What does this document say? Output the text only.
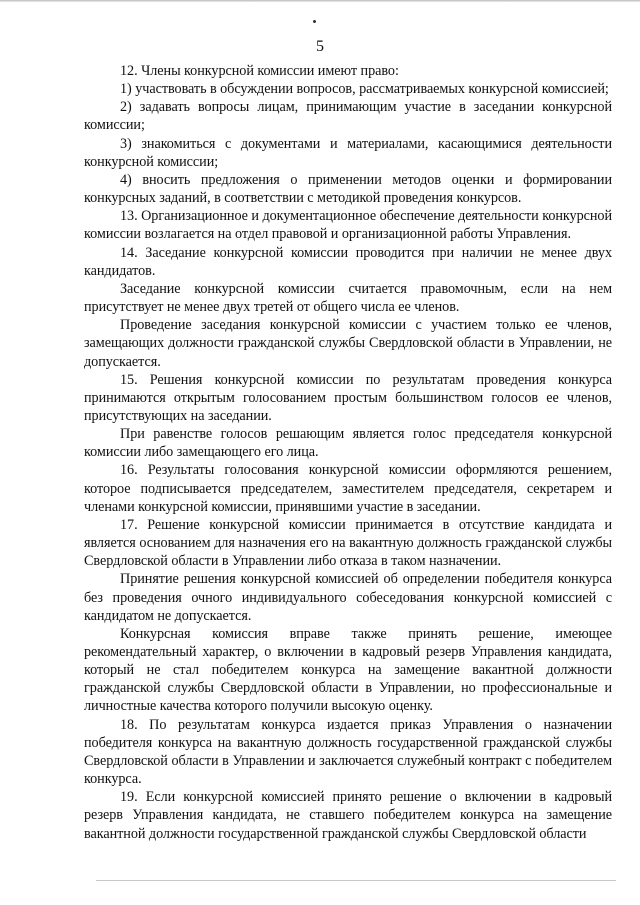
5

12. Члены конкурсной комиссии имеют право:

1) участвовать в обсуждении вопросов, рассматриваемых конкурсной комиссией;

2) задавать вопросы лицам, принимающим участие в заседании конкурсной комиссии;

3) знакомиться с документами и материалами, касающимися деятельности конкурсной комиссии;

4) вносить предложения о применении методов оценки и формировании конкурсных заданий, в соответствии с методикой проведения конкурсов.

13. Организационное и документационное обеспечение деятельности конкурсной комиссии возлагается на отдел правовой и организационной работы Управления.

14. Заседание конкурсной комиссии проводится при наличии не менее двух кандидатов.

Заседание конкурсной комиссии считается правомочным, если на нем присутствует не менее двух третей от общего числа ее членов.

Проведение заседания конкурсной комиссии с участием только ее членов, замещающих должности гражданской службы Свердловской области в Управлении, не допускается.

15. Решения конкурсной комиссии по результатам проведения конкурса принимаются открытым голосованием простым большинством голосов ее членов, присутствующих на заседании.

При равенстве голосов решающим является голос председателя конкурсной комиссии либо замещающего его лица.

16. Результаты голосования конкурсной комиссии оформляются решением, которое подписывается председателем, заместителем председателя, секретарем и членами конкурсной комиссии, принявшими участие в заседании.

17. Решение конкурсной комиссии принимается в отсутствие кандидата и является основанием для назначения его на вакантную должность гражданской службы Свердловской области в Управлении либо отказа в таком назначении.

Принятие решения конкурсной комиссией об определении победителя конкурса без проведения очного индивидуального собеседования конкурсной комиссией с кандидатом не допускается.

Конкурсная комиссия вправе также принять решение, имеющее рекомендательный характер, о включении в кадровый резерв Управления кандидата, который не стал победителем конкурса на замещение вакантной должности гражданской службы Свердловской области в Управлении, но профессиональные и личностные качества которого получили высокую оценку.

18. По результатам конкурса издается приказ Управления о назначении победителя конкурса на вакантную должность государственной гражданской службы Свердловской области в Управлении и заключается служебный контракт с победителем конкурса.

19. Если конкурсной комиссией принято решение о включении в кадровый резерв Управления кандидата, не ставшего победителем конкурса на замещение вакантной должности государственной гражданской службы Свердловской области
